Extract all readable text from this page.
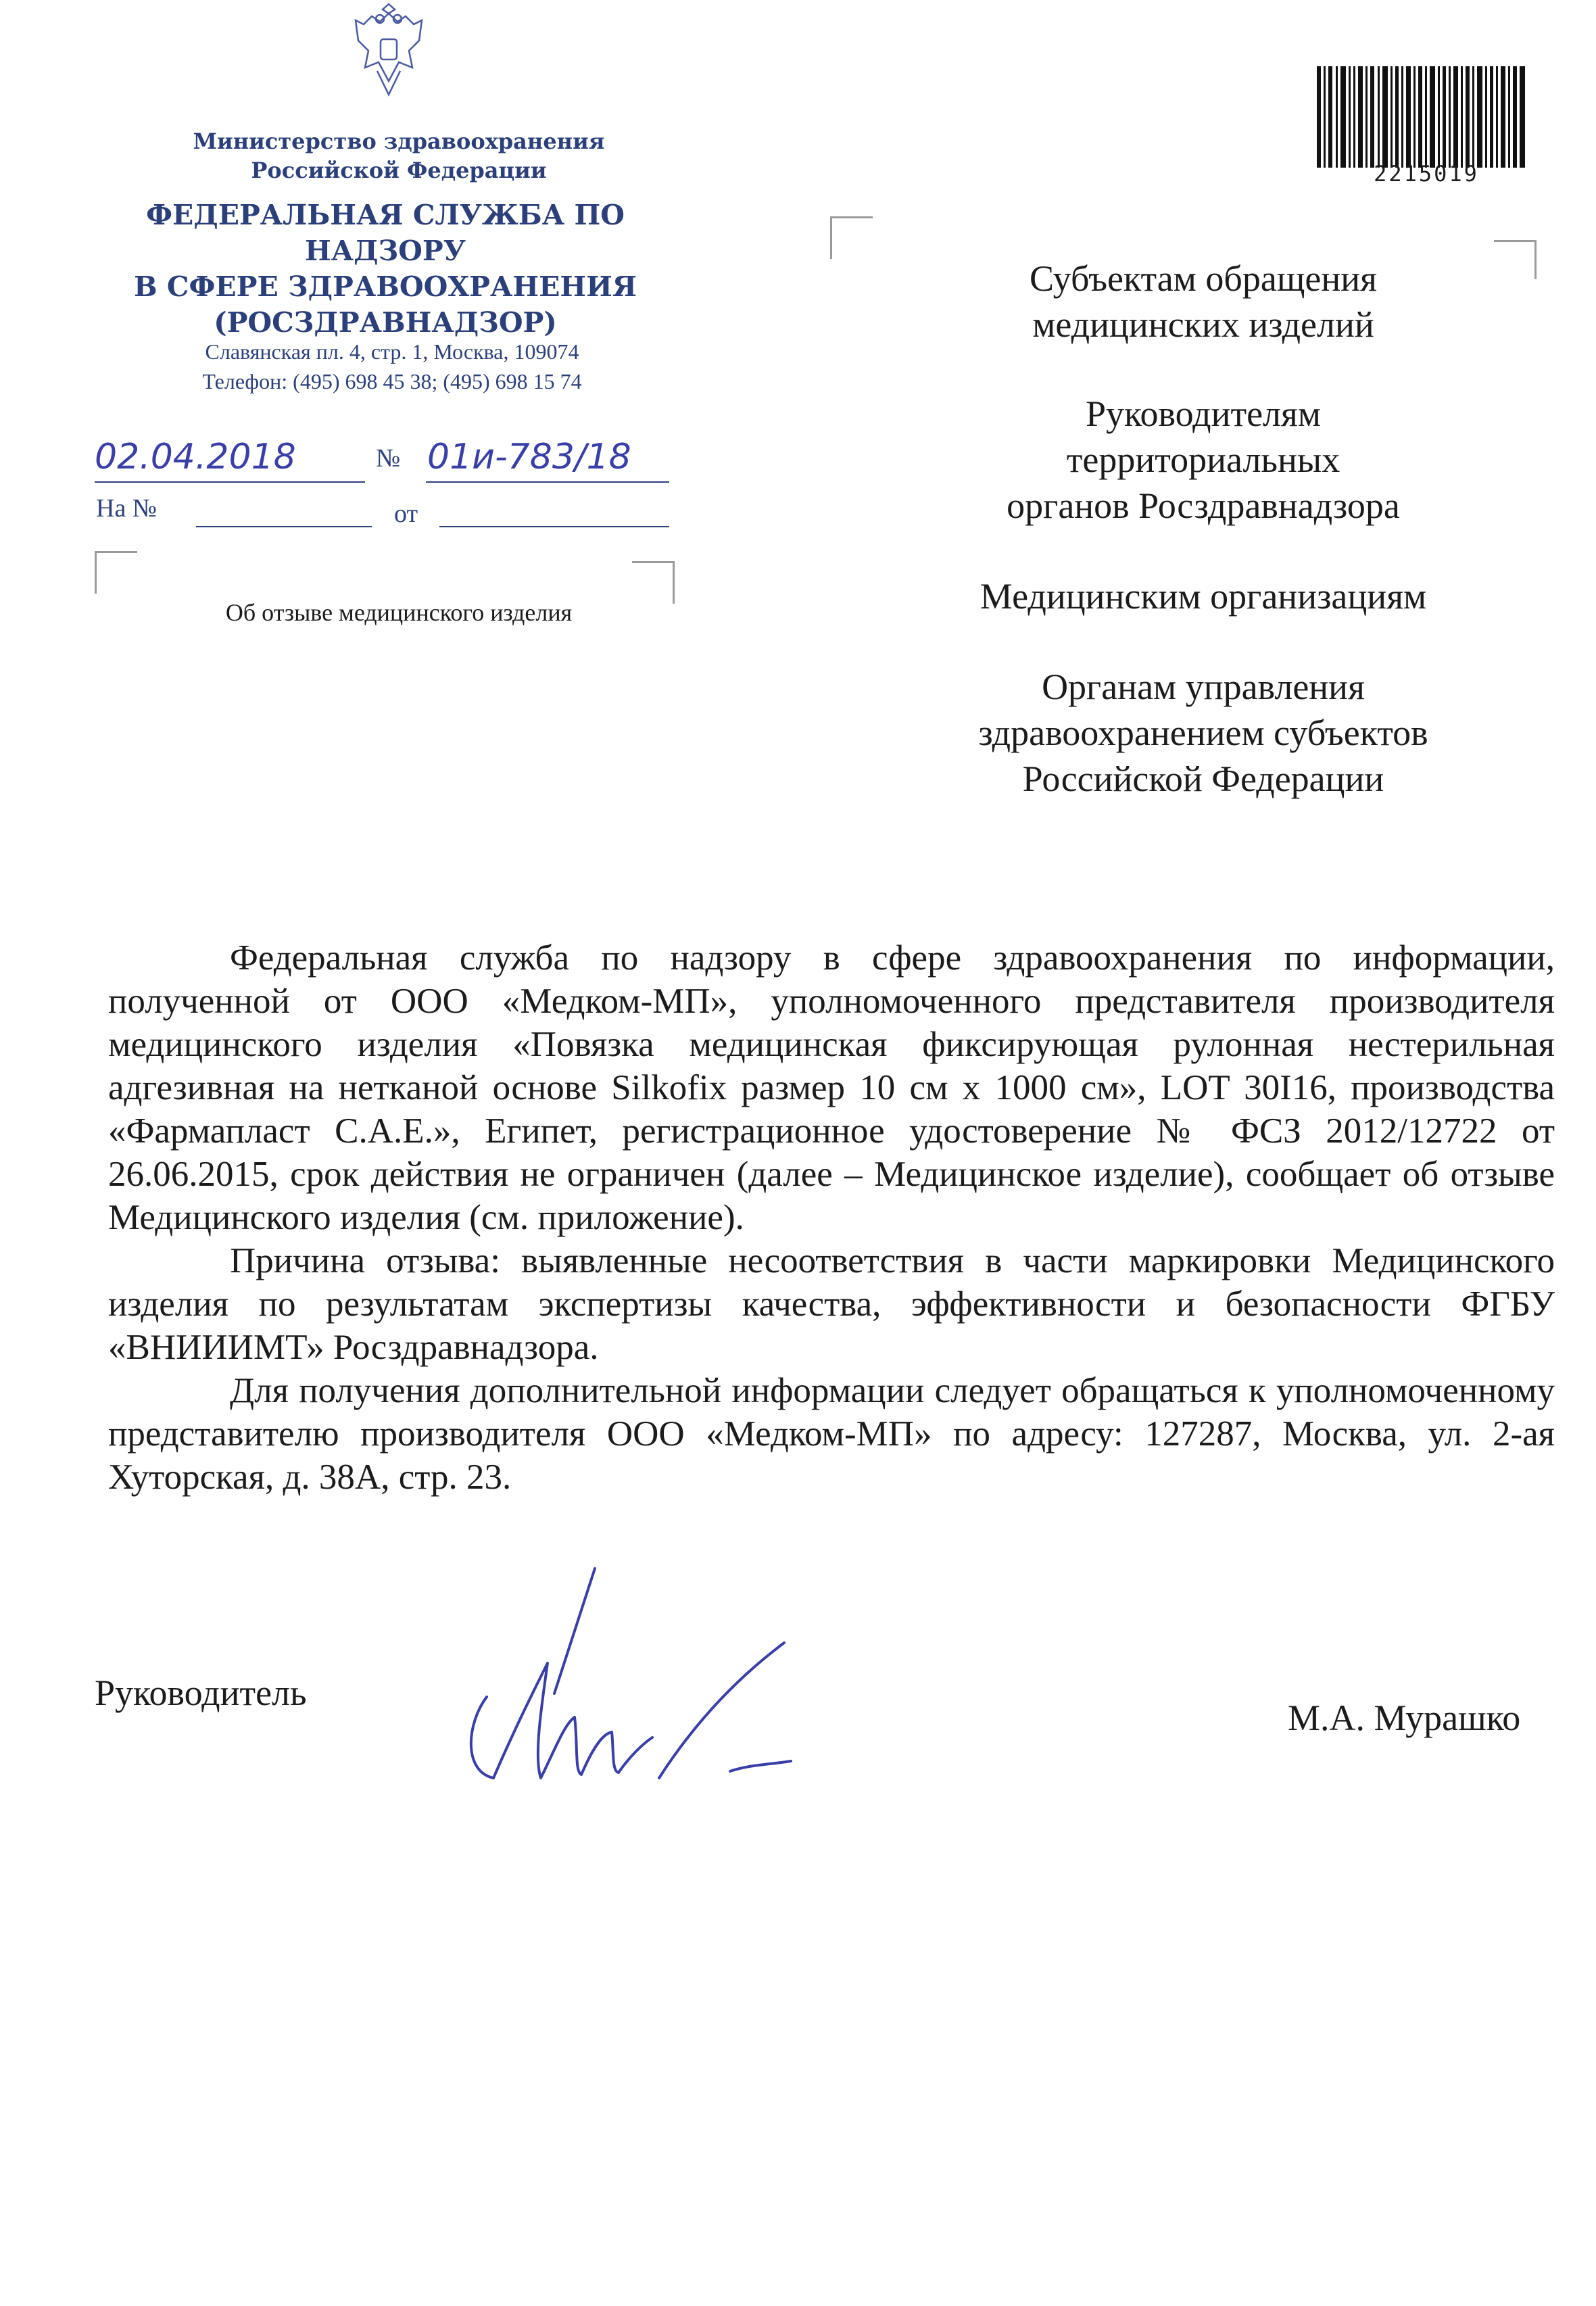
Министерство здравоохранения
Российской Федерации
ФЕДЕРАЛЬНАЯ СЛУЖБА ПО НАДЗОРУ
В СФЕРЕ ЗДРАВООХРАНЕНИЯ
(РОСЗДРАВНАДЗОР)
Славянская пл. 4, стр. 1, Москва, 109074
Телефон: (495) 698 45 38; (495) 698 15 74
02.04.2018	№ 01и-783/18
На №	от
Об отзыве медицинского изделия
2215019
Субъектам обращения
медицинских изделий
Руководителям
территориальных
органов Росздравнадзора
Медицинским организациям
Органам управления
здравоохранением субъектов
Российской Федерации

Федеральная служба по надзору в сфере здравоохранения по информации, полученной от ООО «Медком-МП», уполномоченного представителя производителя медицинского изделия «Повязка медицинская фиксирующая рулонная нестерильная адгезивная на нетканой основе Silkofix размер 10 см х 1000 см», LOT 30I16, производства «Фармапласт С.А.Е.», Египет, регистрационное удостоверение № ФСЗ 2012/12722 от 26.06.2015, срок действия не ограничен (далее – Медицинское изделие), сообщает об отзыве Медицинского изделия (см. приложение).

Причина отзыва: выявленные несоответствия в части маркировки Медицинского изделия по результатам экспертизы качества, эффективности и безопасности ФГБУ «ВНИИИМТ» Росздравнадзора.

Для получения дополнительной информации следует обращаться к уполномоченному представителю производителя ООО «Медком-МП» по адресу: 127287, Москва, ул. 2-ая Хуторская, д. 38А, стр. 23.

Руководитель
М.А. Мурашко
